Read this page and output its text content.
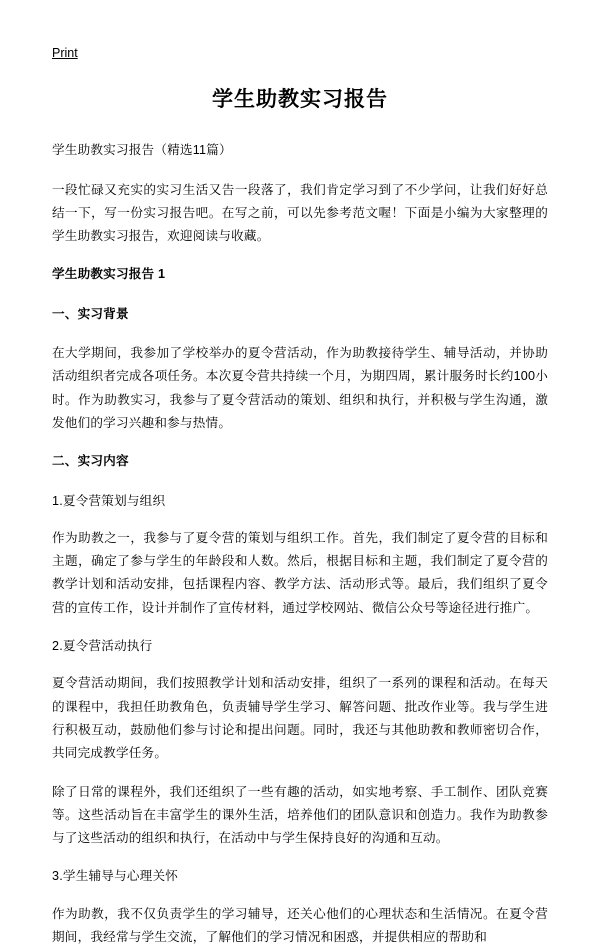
Print
学生助教实习报告

学生助教实习报告（精选11篇）

一段忙碌又充实的实习生活又告一段落了，我们肯定学习到了不少学问，让我们好好总结一下，写一份实习报告吧。在写之前，可以先参考范文喔！下面是小编为大家整理的学生助教实习报告，欢迎阅读与收藏。

学生助教实习报告 1

一、实习背景

在大学期间，我参加了学校举办的夏令营活动，作为助教接待学生、辅导活动，并协助活动组织者完成各项任务。本次夏令营共持续一个月，为期四周，累计服务时长约100小时。作为助教实习，我参与了夏令营活动的策划、组织和执行，并积极与学生沟通，激发他们的学习兴趣和参与热情。

二、实习内容

1.夏令营策划与组织

作为助教之一，我参与了夏令营的策划与组织工作。首先，我们制定了夏令营的目标和主题，确定了参与学生的年龄段和人数。然后，根据目标和主题，我们制定了夏令营的教学计划和活动安排，包括课程内容、教学方法、活动形式等。最后，我们组织了夏令营的宣传工作，设计并制作了宣传材料，通过学校网站、微信公众号等途径进行推广。

2.夏令营活动执行

夏令营活动期间，我们按照教学计划和活动安排，组织了一系列的课程和活动。在每天的课程中，我担任助教角色，负责辅导学生学习、解答问题、批改作业等。我与学生进行积极互动，鼓励他们参与讨论和提出问题。同时，我还与其他助教和教师密切合作，共同完成教学任务。

除了日常的课程外，我们还组织了一些有趣的活动，如实地考察、手工制作、团队竞赛等。这些活动旨在丰富学生的课外生活，培养他们的团队意识和创造力。我作为助教参与了这些活动的组织和执行，在活动中与学生保持良好的沟通和互动。

3.学生辅导与心理关怀

作为助教，我不仅负责学生的学习辅导，还关心他们的心理状态和生活情况。在夏令营期间，我经常与学生交流，了解他们的学习情况和困惑，并提供相应的帮助和
